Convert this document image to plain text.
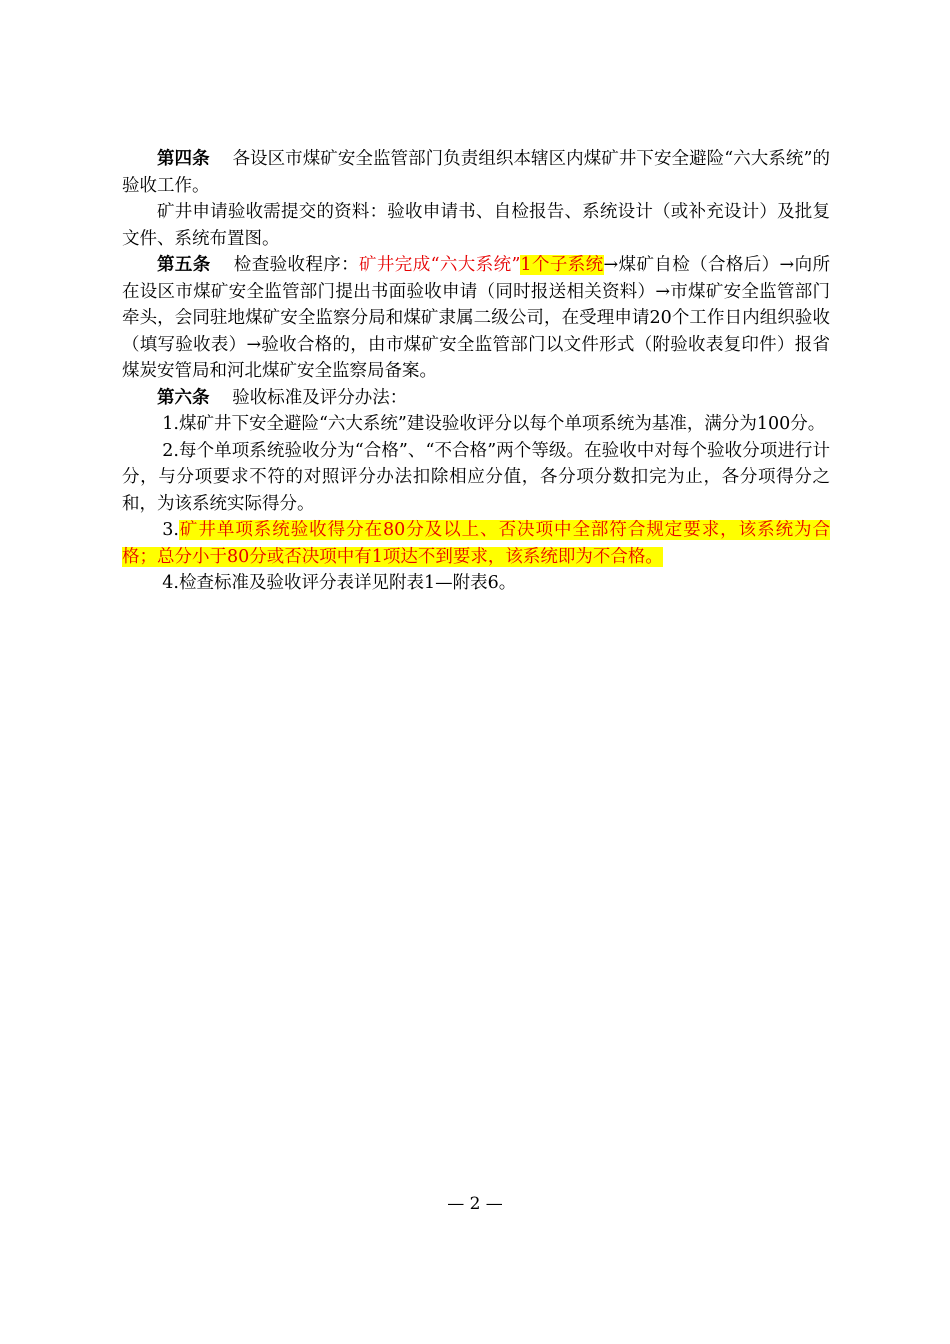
第四条 各设区市煤矿安全监管部门负责组织本辖区内煤矿井下安全避险“六大系统”的验收工作。

矿井申请验收需提交的资料：验收申请书、自检报告、系统设计（或补充设计）及批复文件、系统布置图。

第五条 检查验收程序：矿井完成“六大系统”1个子系统→煤矿自检（合格后）→向所在设区市煤矿安全监管部门提出书面验收申请（同时报送相关资料）→市煤矿安全监管部门牵头，会同驻地煤矿安全监察分局和煤矿隶属二级公司，在受理申请20个工作日内组织验收（填写验收表）→验收合格的，由市煤矿安全监管部门以文件形式（附验收表复印件）报省煤炭安管局和河北煤矿安全监察局备案。

第六条 验收标准及评分办法：

1.煤矿井下安全避险“六大系统”建设验收评分以每个单项系统为基准，满分为100分。

2.每个单项系统验收分为“合格”、“不合格”两个等级。在验收中对每个验收分项进行计分，与分项要求不符的对照评分办法扣除相应分值，各分项分数扣完为止，各分项得分之和，为该系统实际得分。

3.矿井单项系统验收得分在80分及以上、否决项中全部符合规定要求，该系统为合格；总分小于80分或否决项中有1项达不到要求，该系统即为不合格。

4.检查标准及验收评分表详见附表1—附表6。

— 2 —
